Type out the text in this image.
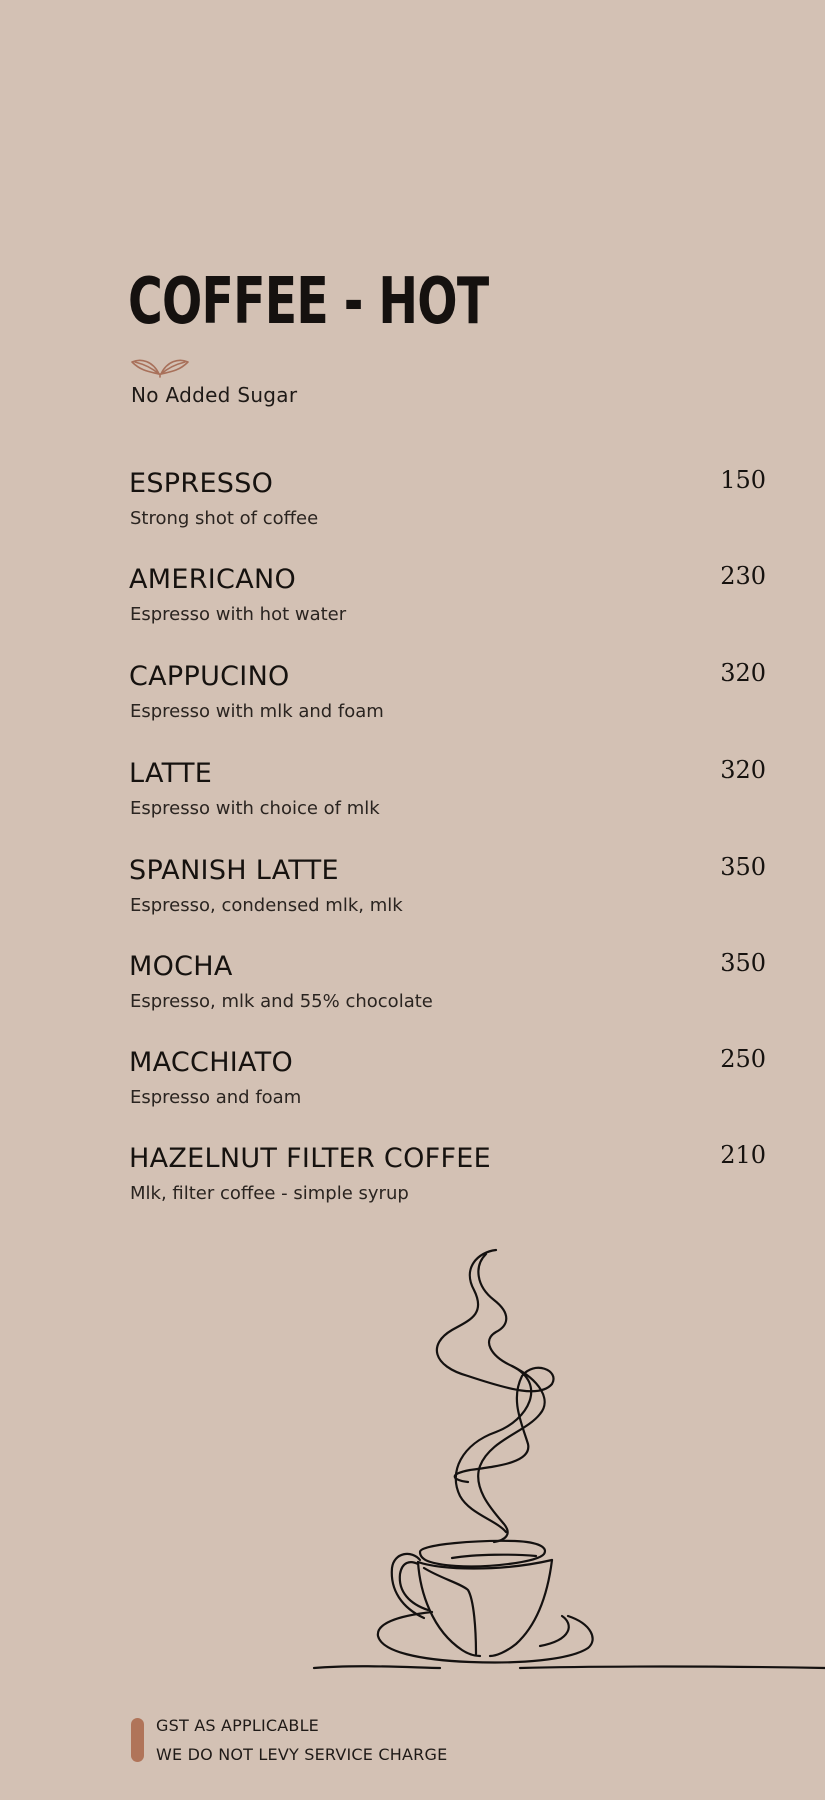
COFFEE - HOT
No Added Sugar
ESPRESSO
Strong shot of coffee
150
AMERICANO
Espresso with hot water
230
CAPPUCINO
Espresso with mlk and foam
320
LATTE
Espresso with choice of mlk
320
SPANISH LATTE
Espresso, condensed mlk, mlk
350
MOCHA
Espresso, mlk and 55% chocolate
350
MACCHIATO
Espresso and foam
250
HAZELNUT FILTER COFFEE
Mlk, filter coffee - simple syrup
210
GST AS APPLICABLE
WE DO NOT LEVY SERVICE CHARGE
